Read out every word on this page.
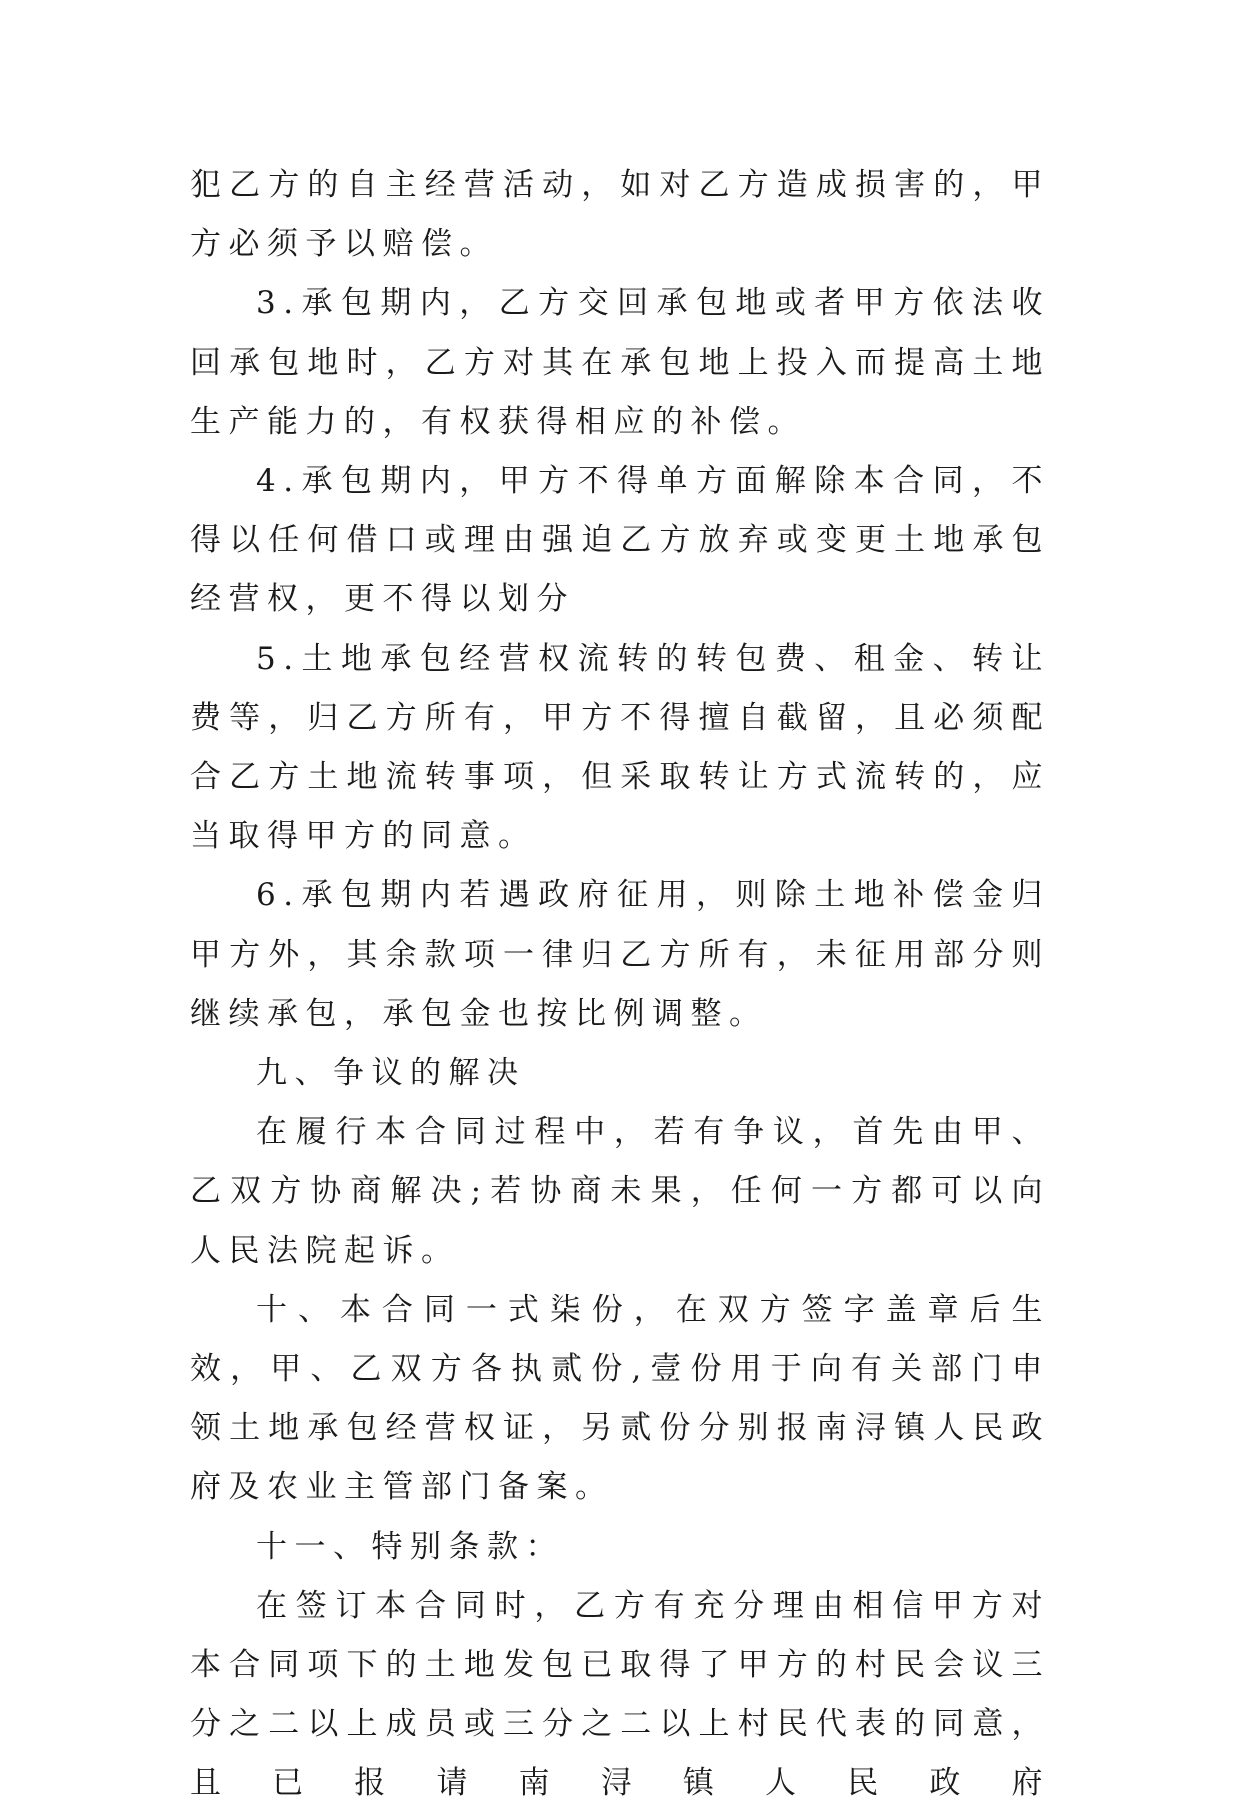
犯乙方的自主经营活动，如对乙方造成损害的，甲方必须予以赔偿。

3.承包期内，乙方交回承包地或者甲方依法收回承包地时，乙方对其在承包地上投入而提高土地生产能力的，有权获得相应的补偿。

4.承包期内，甲方不得单方面解除本合同，不得以任何借口或理由强迫乙方放弃或变更土地承包经营权，更不得以划分

5.土地承包经营权流转的转包费、租金、转让费等，归乙方所有，甲方不得擅自截留，且必须配合乙方土地流转事项，但采取转让方式流转的，应当取得甲方的同意。

6.承包期内若遇政府征用，则除土地补偿金归甲方外，其余款项一律归乙方所有，未征用部分则继续承包，承包金也按比例调整。

九、争议的解决

在履行本合同过程中，若有争议，首先由甲、乙双方协商解决;若协商未果，任何一方都可以向人民法院起诉。

十、本合同一式柒份，在双方签字盖章后生效，甲、乙双方各执贰份,壹份用于向有关部门申领土地承包经营权证，另贰份分别报南浔镇人民政府及农业主管部门备案。

十一、特别条款：

在签订本合同时，乙方有充分理由相信甲方对本合同项下的土地发包已取得了甲方的村民会议三分之二以上成员或三分之二以上村民代表的同意，且已报请南浔镇人民政府
